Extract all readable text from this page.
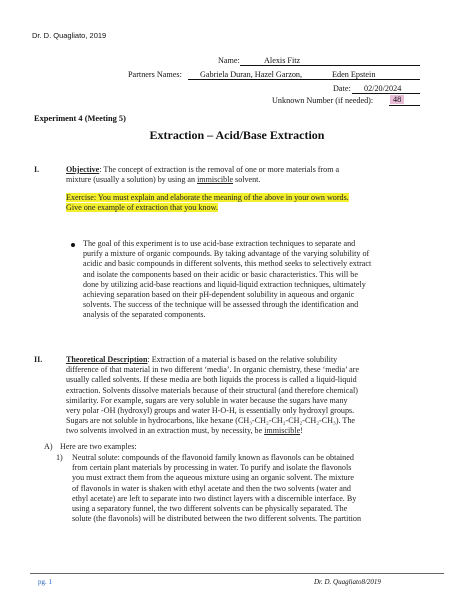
Dr. D. Quagliato, 2019
Name:	Alexis Fitz
Partners Names: Gabriela Duran, Hazel Garzon,	Eden Epstein
Date: 02/20/2024
Unknown Number (if needed):	48
Experiment 4 (Meeting 5)
Extraction – Acid/Base Extraction
I.	Objective: The concept of extraction is the removal of one or more materials from a
mixture (usually a solution) by using an immiscible solvent.
Exercise: You must explain and elaborate the meaning of the above in your own words.
Give one example of extraction that you know.
The goal of this experiment is to use acid-base extraction techniques to separate and
purify a mixture of organic compounds. By taking advantage of the varying solubility of
acidic and basic compounds in different solvents, this method seeks to selectively extract
and isolate the components based on their acidic or basic characteristics. This will be
done by utilizing acid-base reactions and liquid-liquid extraction techniques, ultimately
achieving separation based on their pH-dependent solubility in aqueous and organic
solvents. The success of the technique will be assessed through the identification and
analysis of the separated components.
II.	Theoretical Description: Extraction of a material is based on the relative solubility
difference of that material in two different ‘media’. In organic chemistry, these ‘media’ are
usually called solvents. If these media are both liquids the process is called a liquid-liquid
extraction. Solvents dissolve materials because of their structural (and therefore chemical)
similarity. For example, sugars are very soluble in water because the sugars have many
very polar -OH (hydroxyl) groups and water H-O-H, is essentially only hydroxyl groups.
Sugars are not soluble in hydrocarbons, like hexane (CH₃-CH₂-CH₂-CH₂-CH₂-CH₃). The
two solvents involved in an extraction must, by necessity, be immiscible!
A) Here are two examples:
1) Neutral solute: compounds of the flavonoid family known as flavonols can be obtained
from certain plant materials by processing in water. To purify and isolate the flavonols
you must extract them from the aqueous mixture using an organic solvent. The mixture
of flavonols in water is shaken with ethyl acetate and then the two solvents (water and
ethyl acetate) are left to separate into two distinct layers with a discernible interface. By
using a separatory funnel, the two different solvents can be physically separated. The
solute (the flavonols) will be distributed between the two different solvents. The partition
pg. 1	Dr. D. Quagliato8/2019
